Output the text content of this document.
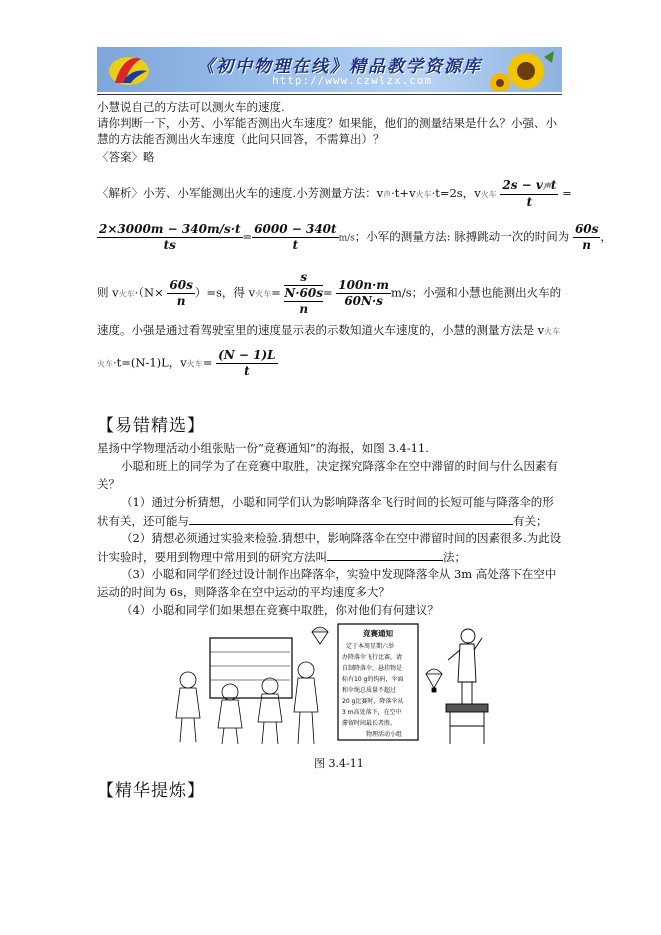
《初中物理在线》精品教学资源库
http://www.czwlzx.com
小慧说自己的方法可以测火车的速度.
请你判断一下，小芳、小军能否测出火车速度？如果能，他们的测量结果是什么？小强、小
慧的方法能否测出火车速度（此问只回答，不需算出）？
〈答案〉略
〈解析〉小芳、小军能测出火车的速度.小芳测量方法：v声·t+v火车·t=2s，v火车 $\frac{\text{2s − v声t}}{t}$ =
$\frac{2\times 3000m - 340m/s\cdot t}{ts} = \frac{6000 - 340t}{t} m/s$；小军的测量方法: 脉搏跳动一次的时间为 $\frac{60s}{n}$ ，
则 v火车$\cdot(N\times \frac{60s}{n} )=s$，得 v火车=
s
N·60s
n
= $\frac{100n\cdot m}{60N\cdot s} m/s$；小强和小慧也能测出火车的
速度。小强是通过看驾驶室里的速度显示表的示数知道火车速度的，小慧的测量方法是 v火车
火车·t=(N-1)L，v火车= $\frac{(N - 1)L}{t}$
【易错精选】
星扬中学物理活动小组张贴一份“竞赛通知”的海报，如图 3.4-11.
小聪和班上的同学为了在竞赛中取胜，决定探究降落伞在空中滞留的时间与什么因素有
关？
（1）通过分析猜想，小聪和同学们认为影响降落伞飞行时间的长短可能与降落伞的形
状有关，还可能与	有关；
（2）猜想必须通过实验来检验.猜想中，影响降落伞在空中滞留时间的因素很多.为此设
计实验时，要用到物理中常用到的研究方法叫	法；
（3）小聪和同学们经过设计制作出降落伞，实验中发现降落伞从 3m 高处落下在空中
运动的时间为 6s，则降落伞在空中运动的平均速度多大？
（4）小聪和同学们如果想在竞赛中取胜，你对他们有何建议？
竞赛通知
定于本周星期六举
办降落伞飞行比赛，请
自制降落伞，悬挂物是
标有10 g的钩码，伞面
和伞绳总质量不超过
20 g比赛时，降落伞从
3 m高处落下，在空中
滞留时间最长者胜。
物理活动小组
图 3.4-11
【精华提炼】
